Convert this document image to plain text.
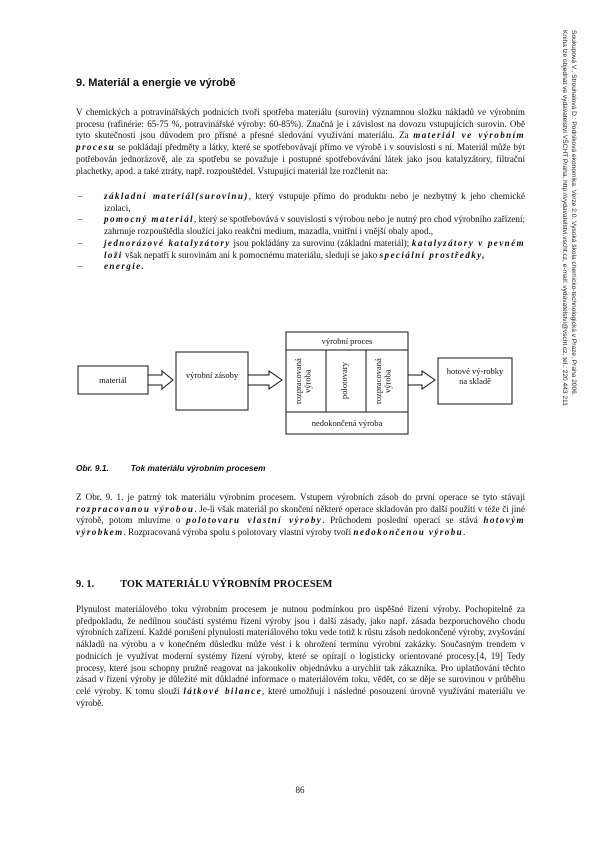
Soukupová V., Strouhalová D.: Podniková ekonomika. Verze 2.0. Vysoká škola chemicko-technologická v Praze, Praha 2006.
Kniha lze objednat ve vydavatelství VŠCHT Praha, http://vydavatelstvi.vscht.cz, e-mail: vydavatelstvi@vscht.cz, tel.: 220 443 211
9. Materiál a energie ve výrobě
V chemických a potravinářských podnicích tvoří spotřeba materiálu (surovin) významnou složku nákladů ve výrobním procesu (rafinérie: 65-75 %, potravinářské výroby: 60-85%). Značná je i závislost na dovozu vstupujících surovin. Obě tyto skutečnosti jsou důvodem pro přísné a přesné sledování využívání materiálu. Za materiál ve výrobním procesu se pokládají předměty a látky, které se spotřebovávají přímo ve výrobě i v souvislosti s ní. Materiál může být potřebován jednorázově, ale za spotřebu se považuje i postupné spotřebovávání látek jako jsou katalyzátory, filtrační plachetky, apod. a také ztráty, např. rozpouštědel. Vstupující materiál lze rozčlenit na:
– základní materiál(surovinu), který vstupuje přímo do produktu nebo je nezbytný k jeho chemické izolaci,
– pomocný materiál, který se spotřebovává v souvislosti s výrobou nebo je nutný pro chod výrobního zařízení; zahrnuje rozpouštědla sloužící jako reakční medium, mazadla, vnitřní i vnější obaly apod.,
– jednorázové katalyzátory jsou pokládány za surovinu (základní materiál); katalyzátory v pevném loži však nepatří k surovinám ani k pomocnému materiálu, sledují se jako speciální prostředky,
– energie.
materiál	výrobní zásoby
výrobní proces
rozpracovaná výroba	polotovary	rozpracovaná výroba
nedokončená výroba
hotové vý-robky na skladě
Obr. 9.1.	Tok materiálu výrobním procesem
Z Obr. 9. 1. je patrný tok materiálu výrobním procesem. Vstupem výrobních zásob do první operace se tyto stávají rozpracovanou výrobou. Je-li však materiál po skončení některé operace skladován pro další použití v téže či jiné výrobě, potom mluvíme o polotovaru vlastní výroby. Průchodem poslední operací se stává hotovým výrobkem. Rozpracovaná výroba spolu s polotovary vlastní výroby tvoří nedokončenou výrobu.
9. 1.	TOK MATERIÁLU VÝROBNÍM PROCESEM
Plynulost materiálového toku výrobním procesem je nutnou podmínkou pro úspěšné řízení výroby. Pochopitelně za předpokladu, že nedílnou součástí systému řízení výroby jsou i další zásady, jako např. zásada bezporuchového chodu výrobních zařízení. Každé porušení plynulosti materiálového toku vede totiž k růstu zásob nedokončené výroby, zvyšování nákladů na výrobu a v konečném důsledku může vést i k ohrožení termínu výrobní zakázky. Současným trendem v podnicích je využívat moderní systémy řízení výroby, které se opírají o logisticky orientované procesy.[4, 19] Tedy procesy, které jsou schopny pružně reagovat na jakoukoliv objednávku a urychlit tak zákazníka. Pro uplatňování těchto zásad v řízení výroby je důležité mít důkladné informace o materiálovém toku, vědět, co se děje se surovinou v průběhu celé výroby. K tomu slouží látkové bilance, které umožňují i následné posouzení úrovně využívání materiálu ve výrobě.
86
